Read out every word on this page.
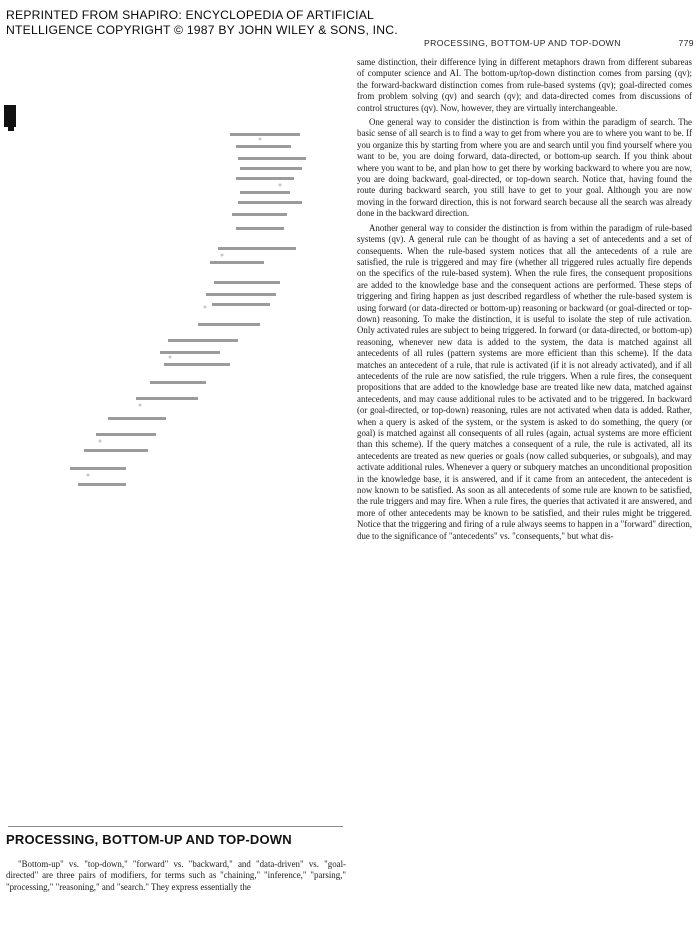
REPRINTED FROM SHAPIRO: ENCYCLOPEDIA OF ARTIFICIAL
NTELLIGENCE COPYRIGHT © 1987 BY JOHN WILEY & SONS, INC.
PROCESSING, BOTTOM-UP AND TOP-DOWN	779

same distinction, their difference lying in different metaphors drawn from different subareas of computer science and AI. The bottom-up/top-down distinction comes from parsing (qv); the forward-backward distinction comes from rule-based systems (qv); goal-directed comes from problem solving (qv) and search (qv); and data-directed comes from discussions of control structures (qv). Now, however, they are virtually interchangeable.

One general way to consider the distinction is from within the paradigm of search. The basic sense of all search is to find a way to get from where you are to where you want to be. If you organize this by starting from where you are and search until you find yourself where you want to be, you are doing forward, data-directed, or bottom-up search. If you think about where you want to be, and plan how to get there by working backward to where you are now, you are doing backward, goal-directed, or top-down search. Notice that, having found the route during backward search, you still have to get to your goal. Although you are now moving in the forward direction, this is not forward search because all the search was already done in the backward direction.

Another general way to consider the distinction is from within the paradigm of rule-based systems (qv). A general rule can be thought of as having a set of antecedents and a set of consequents. When the rule-based system notices that all the antecedents of a rule are satisfied, the rule is triggered and may fire (whether all triggered rules actually fire depends on the specifics of the rule-based system). When the rule fires, the consequent propositions are added to the knowledge base and the consequent actions are performed. These steps of triggering and firing happen as just described regardless of whether the rule-based system is using forward (or data-directed or bottom-up) reasoning or backward (or goal-directed or top-down) reasoning. To make the distinction, it is useful to isolate the step of rule activation. Only activated rules are subject to being triggered. In forward (or data-directed, or bottom-up) reasoning, whenever new data is added to the system, the data is matched against all antecedents of all rules (pattern systems are more efficient than this scheme). If the data matches an antecedent of a rule, that rule is activated (if it is not already activated), and if all antecedents of the rule are now satisfied, the rule triggers. When a rule fires, the consequent propositions that are added to the knowledge base are treated like new data, matched against antecedents, and may cause additional rules to be activated and to be triggered. In backward (or goal-directed, or top-down) reasoning, rules are not activated when data is added. Rather, when a query is asked of the system, or the system is asked to do something, the query (or goal) is matched against all consequents of all rules (again, actual systems are more efficient than this scheme). If the query matches a consequent of a rule, the rule is activated, all its antecedents are treated as new queries or goals (now called subqueries, or subgoals), and may activate additional rules. Whenever a query or subquery matches an unconditional proposition in the knowledge base, it is answered, and if it came from an antecedent, the antecedent is now known to be satisfied. As soon as all antecedents of some rule are known to be satisfied, the rule triggers and may fire. When a rule fires, the queries that activated it are answered, and more of other antecedents may be known to be satisfied, and their rules might be triggered. Notice that the triggering and firing of a rule always seems to happen in a "forward" direction, due to the significance of "antecedents" vs. "consequents," but what dis-

PROCESSING, BOTTOM-UP AND TOP-DOWN

"Bottom-up" vs. "top-down," "forward" vs. "backward," and "data-driven" vs. "goal-directed" are three pairs of modifiers, for terms such as "chaining," "inference," "parsing," "processing," "reasoning," and "search." They express essentially the
